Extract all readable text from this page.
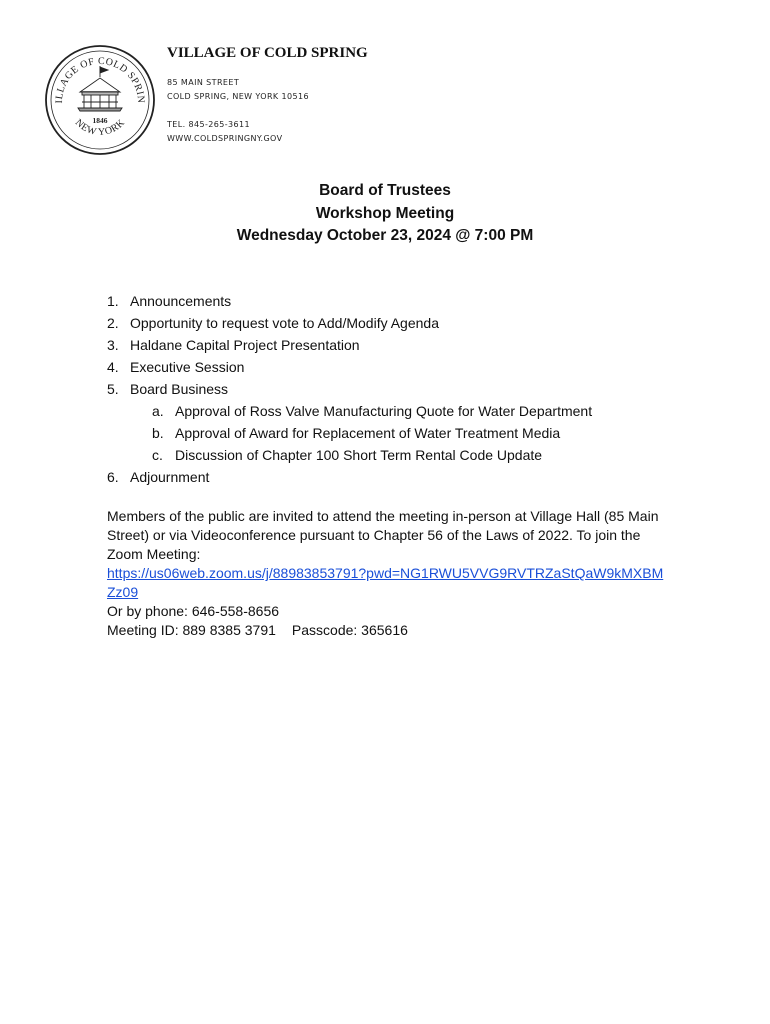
ILLAGE OF COLD SPRIN
NEW YORK
1846
VILLAGE OF COLD SPRING
85 MAIN STREET
COLD SPRING, NEW YORK 10516
TEL. 845-265-3611
WWW.COLDSPRINGNY.GOV
Board of Trustees
Workshop Meeting
Wednesday October 23, 2024 @ 7:00 PM
1. Announcements
2. Opportunity to request vote to Add/Modify Agenda
3. Haldane Capital Project Presentation
4. Executive Session
5. Board Business
a. Approval of Ross Valve Manufacturing Quote for Water Department
b. Approval of Award for Replacement of Water Treatment Media
c. Discussion of Chapter 100 Short Term Rental Code Update
6. Adjournment
Members of the public are invited to attend the meeting in-person at Village Hall (85 Main Street) or via Videoconference pursuant to Chapter 56 of the Laws of 2022. To join the Zoom Meeting:
https://us06web.zoom.us/j/88983853791?pwd=NG1RWU5VVG9RVTRZaStQaW9kMXBMZz09
Or by phone: 646-558-8656
Meeting ID: 889 8385 3791 Passcode: 365616
